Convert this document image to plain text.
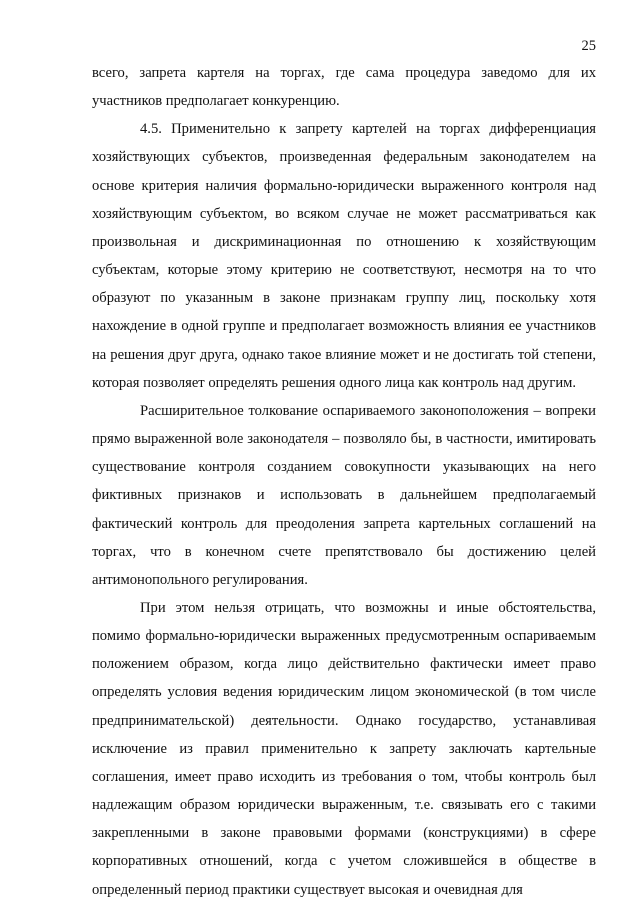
25

всего, запрета картеля на торгах, где сама процедура заведомо для их участников предполагает конкуренцию.

4.5. Применительно к запрету картелей на торгах дифференциация хозяйствующих субъектов, произведенная федеральным законодателем на основе критерия наличия формально-юридически выраженного контроля над хозяйствующим субъектом, во всяком случае не может рассматриваться как произвольная и дискриминационная по отношению к хозяйствующим субъектам, которые этому критерию не соответствуют, несмотря на то что образуют по указанным в законе признакам группу лиц, поскольку хотя нахождение в одной группе и предполагает возможность влияния ее участников на решения друг друга, однако такое влияние может и не достигать той степени, которая позволяет определять решения одного лица как контроль над другим.

Расширительное толкование оспариваемого законоположения – вопреки прямо выраженной воле законодателя – позволяло бы, в частности, имитировать существование контроля созданием совокупности указывающих на него фиктивных признаков и использовать в дальнейшем предполагаемый фактический контроль для преодоления запрета картельных соглашений на торгах, что в конечном счете препятствовало бы достижению целей антимонопольного регулирования.

При этом нельзя отрицать, что возможны и иные обстоятельства, помимо формально-юридически выраженных предусмотренным оспариваемым положением образом, когда лицо действительно фактически имеет право определять условия ведения юридическим лицом экономической (в том числе предпринимательской) деятельности. Однако государство, устанавливая исключение из правил применительно к запрету заключать картельные соглашения, имеет право исходить из требования о том, чтобы контроль был надлежащим образом юридически выраженным, т.е. связывать его с такими закрепленными в законе правовыми формами (конструкциями) в сфере корпоративных отношений, когда с учетом сложившейся в обществе в определенный период практики существует высокая и очевидная для
